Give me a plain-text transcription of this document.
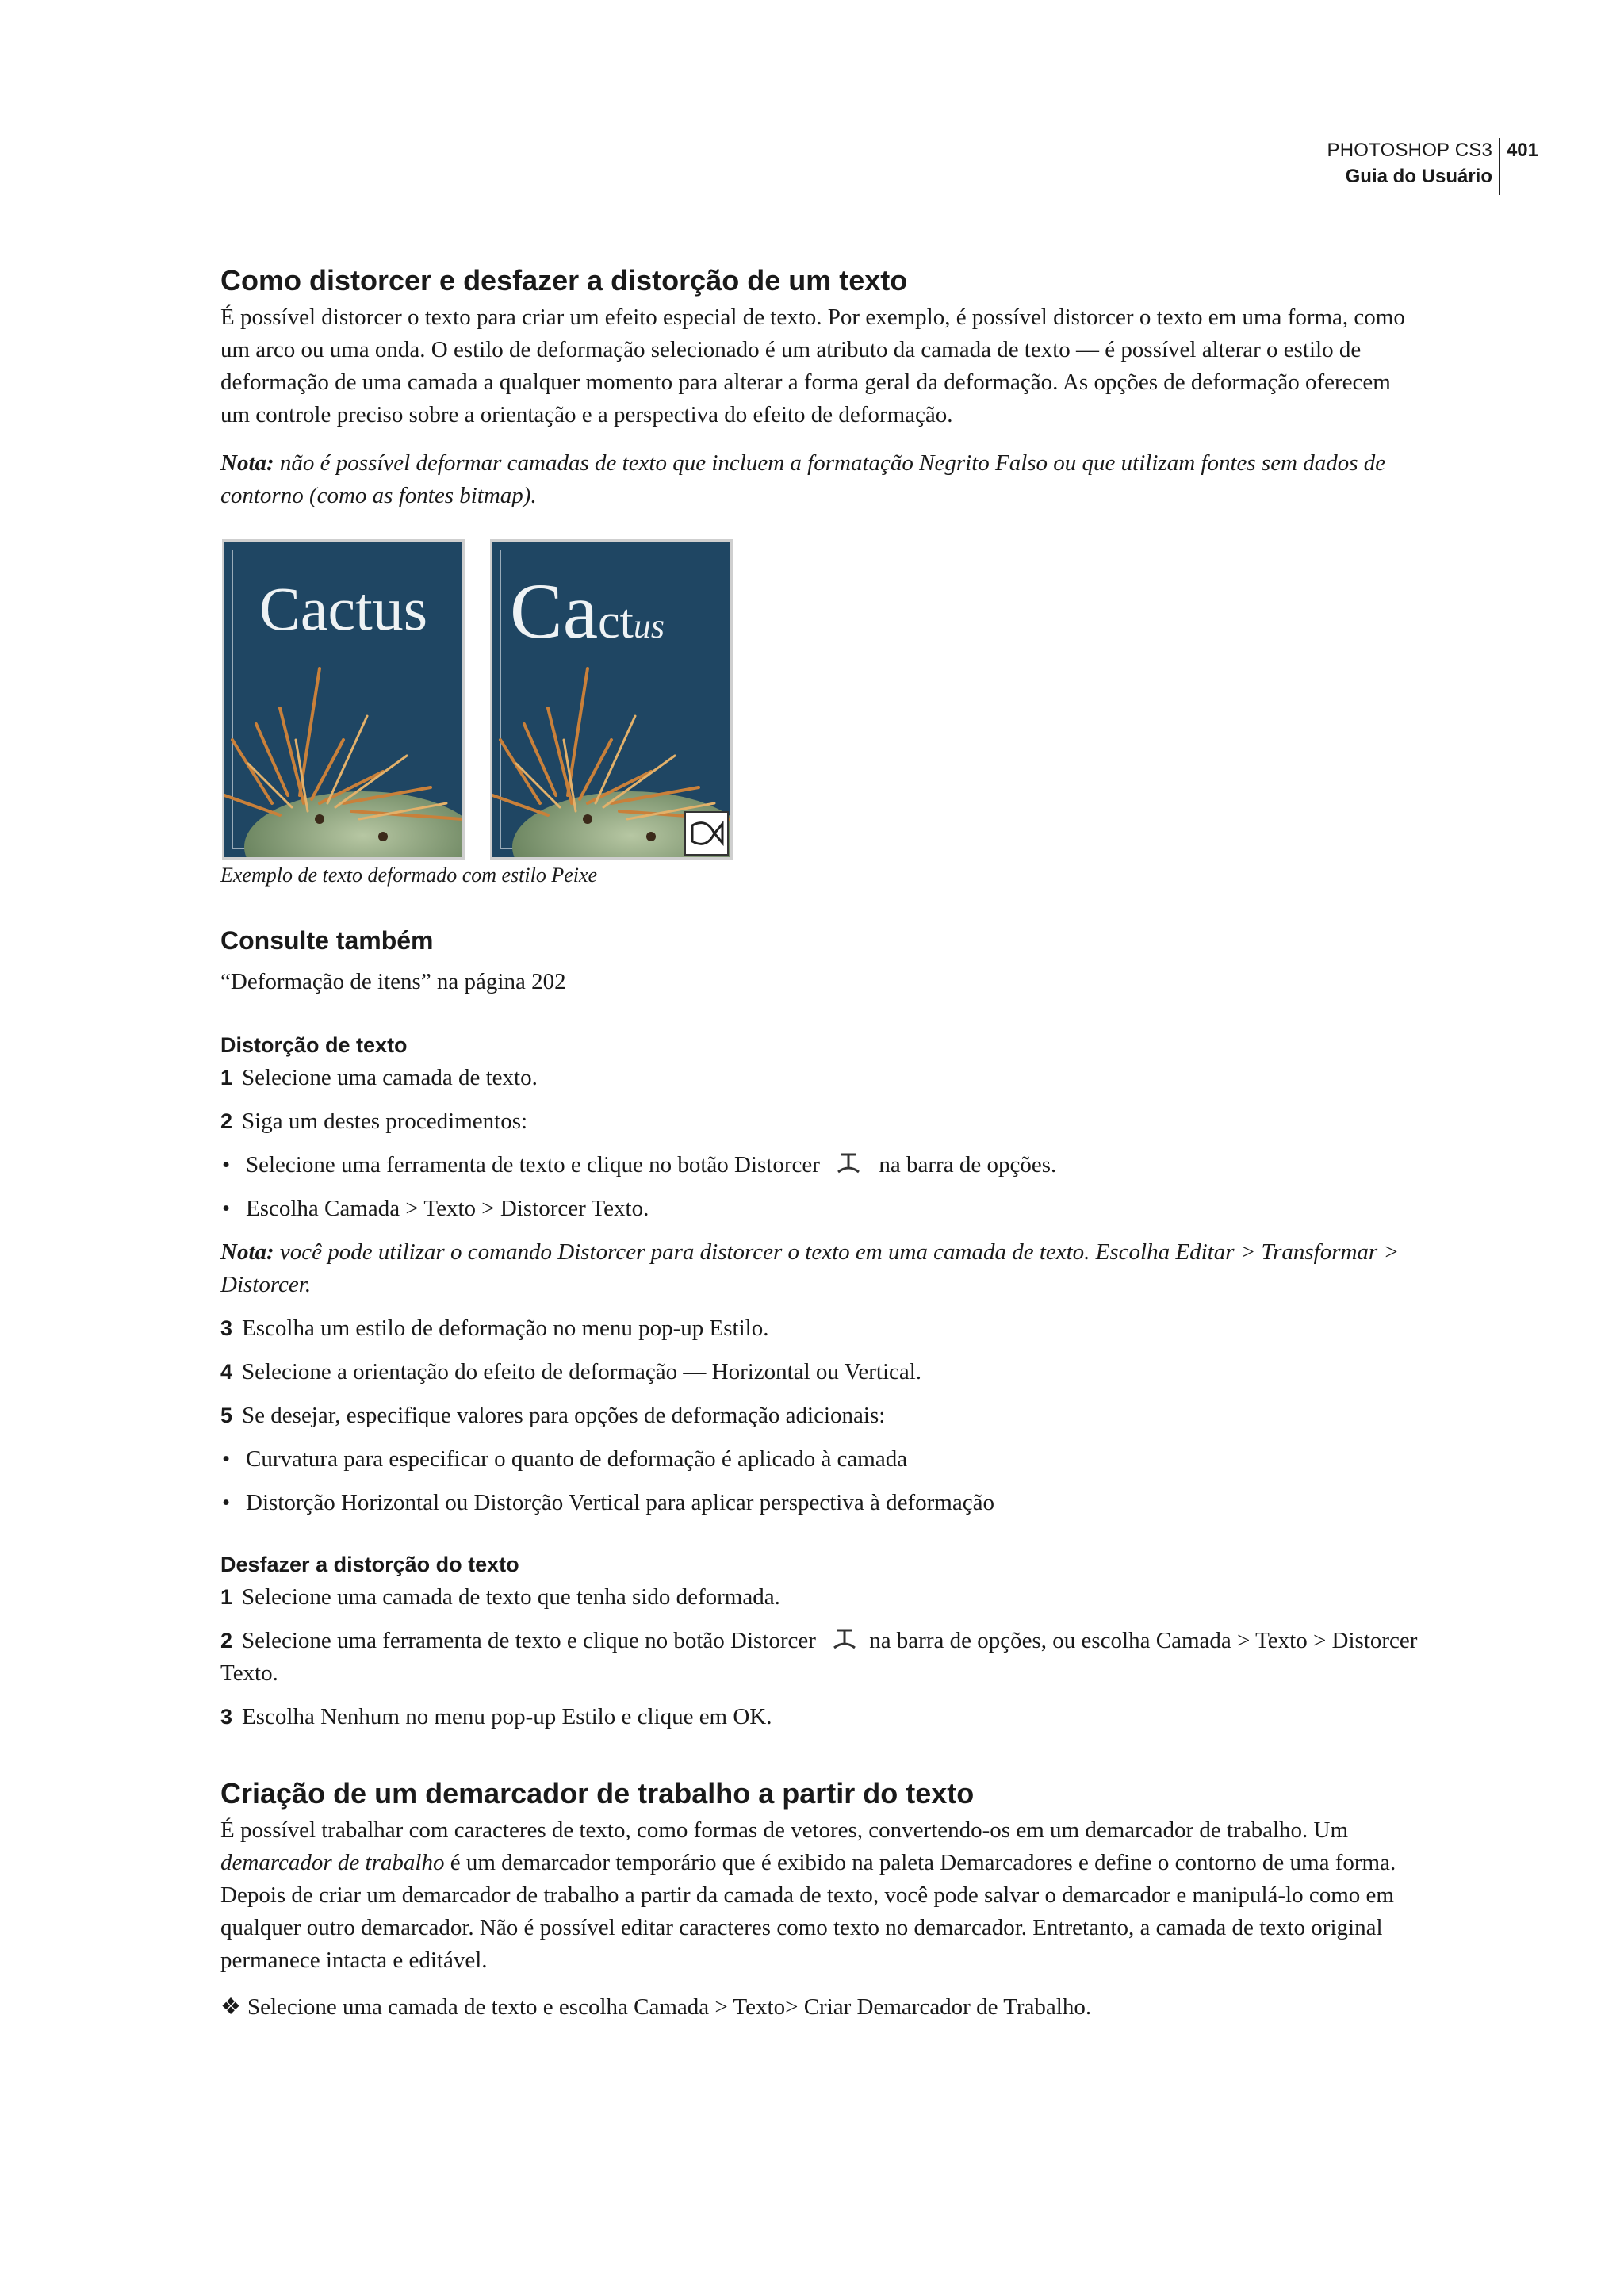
PHOTOSHOP CS3
Guia do Usuário
401
Como distorcer e desfazer a distorção de um texto

É possível distorcer o texto para criar um efeito especial de texto. Por exemplo, é possível distorcer o texto em uma forma, como um arco ou uma onda. O estilo de deformação selecionado é um atributo da camada de texto — é possível alterar o estilo de deformação de uma camada a qualquer momento para alterar a forma geral da deformação. As opções de deformação oferecem um controle preciso sobre a orientação e a perspectiva do efeito de deformação.

Nota: não é possível deformar camadas de texto que incluem a formatação Negrito Falso ou que utilizam fontes sem dados de contorno (como as fontes bitmap).

Cactus	Cactus

Exemplo de texto deformado com estilo Peixe

Consulte também

“Deformação de itens” na página 202

Distorção de texto

1 Selecione uma camada de texto.

2 Siga um destes procedimentos:

• Selecione uma ferramenta de texto e clique no botão Distorcer	na barra de opções.

• Escolha Camada > Texto > Distorcer Texto.

Nota: você pode utilizar o comando Distorcer para distorcer o texto em uma camada de texto. Escolha Editar > Transformar > Distorcer.

3 Escolha um estilo de deformação no menu pop-up Estilo.

4 Selecione a orientação do efeito de deformação — Horizontal ou Vertical.

5 Se desejar, especifique valores para opções de deformação adicionais:

• Curvatura para especificar o quanto de deformação é aplicado à camada

• Distorção Horizontal ou Distorção Vertical para aplicar perspectiva à deformação

Desfazer a distorção do texto

1 Selecione uma camada de texto que tenha sido deformada.

2 Selecione uma ferramenta de texto e clique no botão Distorcer na barra de opções, ou escolha Camada > Texto > Distorcer Texto.

3 Escolha Nenhum no menu pop-up Estilo e clique em OK.

Criação de um demarcador de trabalho a partir do texto

É possível trabalhar com caracteres de texto, como formas de vetores, convertendo-os em um demarcador de trabalho. Um demarcador de trabalho é um demarcador temporário que é exibido na paleta Demarcadores e define o contorno de uma forma. Depois de criar um demarcador de trabalho a partir da camada de texto, você pode salvar o demarcador e manipulá-lo como em qualquer outro demarcador. Não é possível editar caracteres como texto no demarcador. Entretanto, a camada de texto original permanece intacta e editável.

❖ Selecione uma camada de texto e escolha Camada > Texto> Criar Demarcador de Trabalho.
